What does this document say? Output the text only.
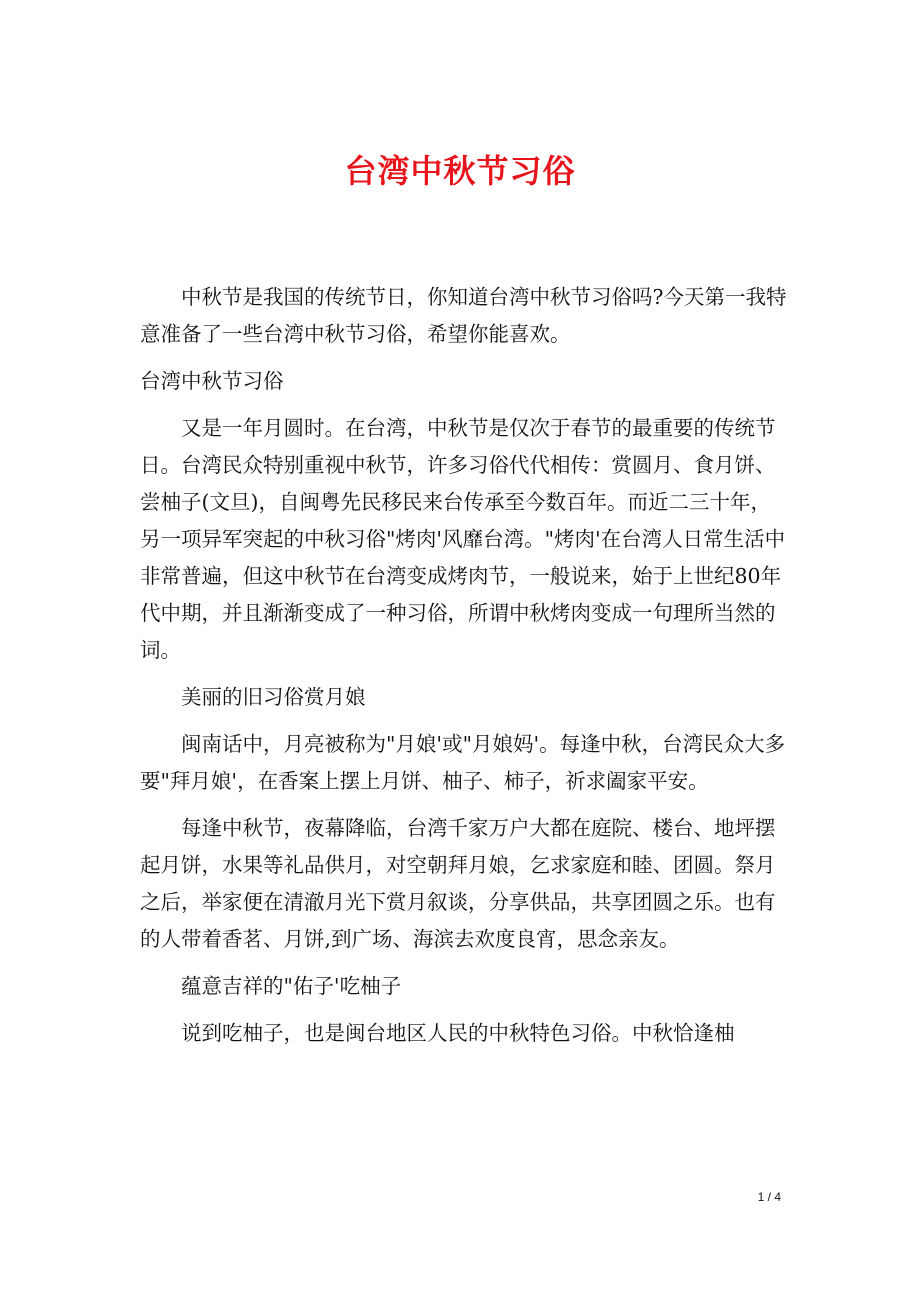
台湾中秋节习俗

中秋节是我国的传统节日，你知道台湾中秋节习俗吗?今天第一我特意准备了一些台湾中秋节习俗，希望你能喜欢。

台湾中秋节习俗

又是一年月圆时。在台湾，中秋节是仅次于春节的最重要的传统节日。台湾民众特别重视中秋节，许多习俗代代相传：赏圆月、食月饼、尝柚子(文旦)，自闽粤先民移民来台传承至今数百年。而近二三十年，另一项异军突起的中秋习俗"烤肉'风靡台湾。"烤肉'在台湾人日常生活中非常普遍，但这中秋节在台湾变成烤肉节，一般说来，始于上世纪80年代中期，并且渐渐变成了一种习俗，所谓中秋烤肉变成一句理所当然的词。

美丽的旧习俗赏月娘

闽南话中，月亮被称为"月娘'或"月娘妈'。每逢中秋，台湾民众大多要"拜月娘'，在香案上摆上月饼、柚子、柿子，祈求阖家平安。

每逢中秋节，夜幕降临，台湾千家万户大都在庭院、楼台、地坪摆起月饼，水果等礼品供月，对空朝拜月娘，乞求家庭和睦、团圆。祭月之后，举家便在清澈月光下赏月叙谈，分享供品，共享团圆之乐。也有的人带着香茗、月饼,到广场、海滨去欢度良宵，思念亲友。

蕴意吉祥的"佑子'吃柚子

说到吃柚子，也是闽台地区人民的中秋特色习俗。中秋恰逢柚

1 / 4
